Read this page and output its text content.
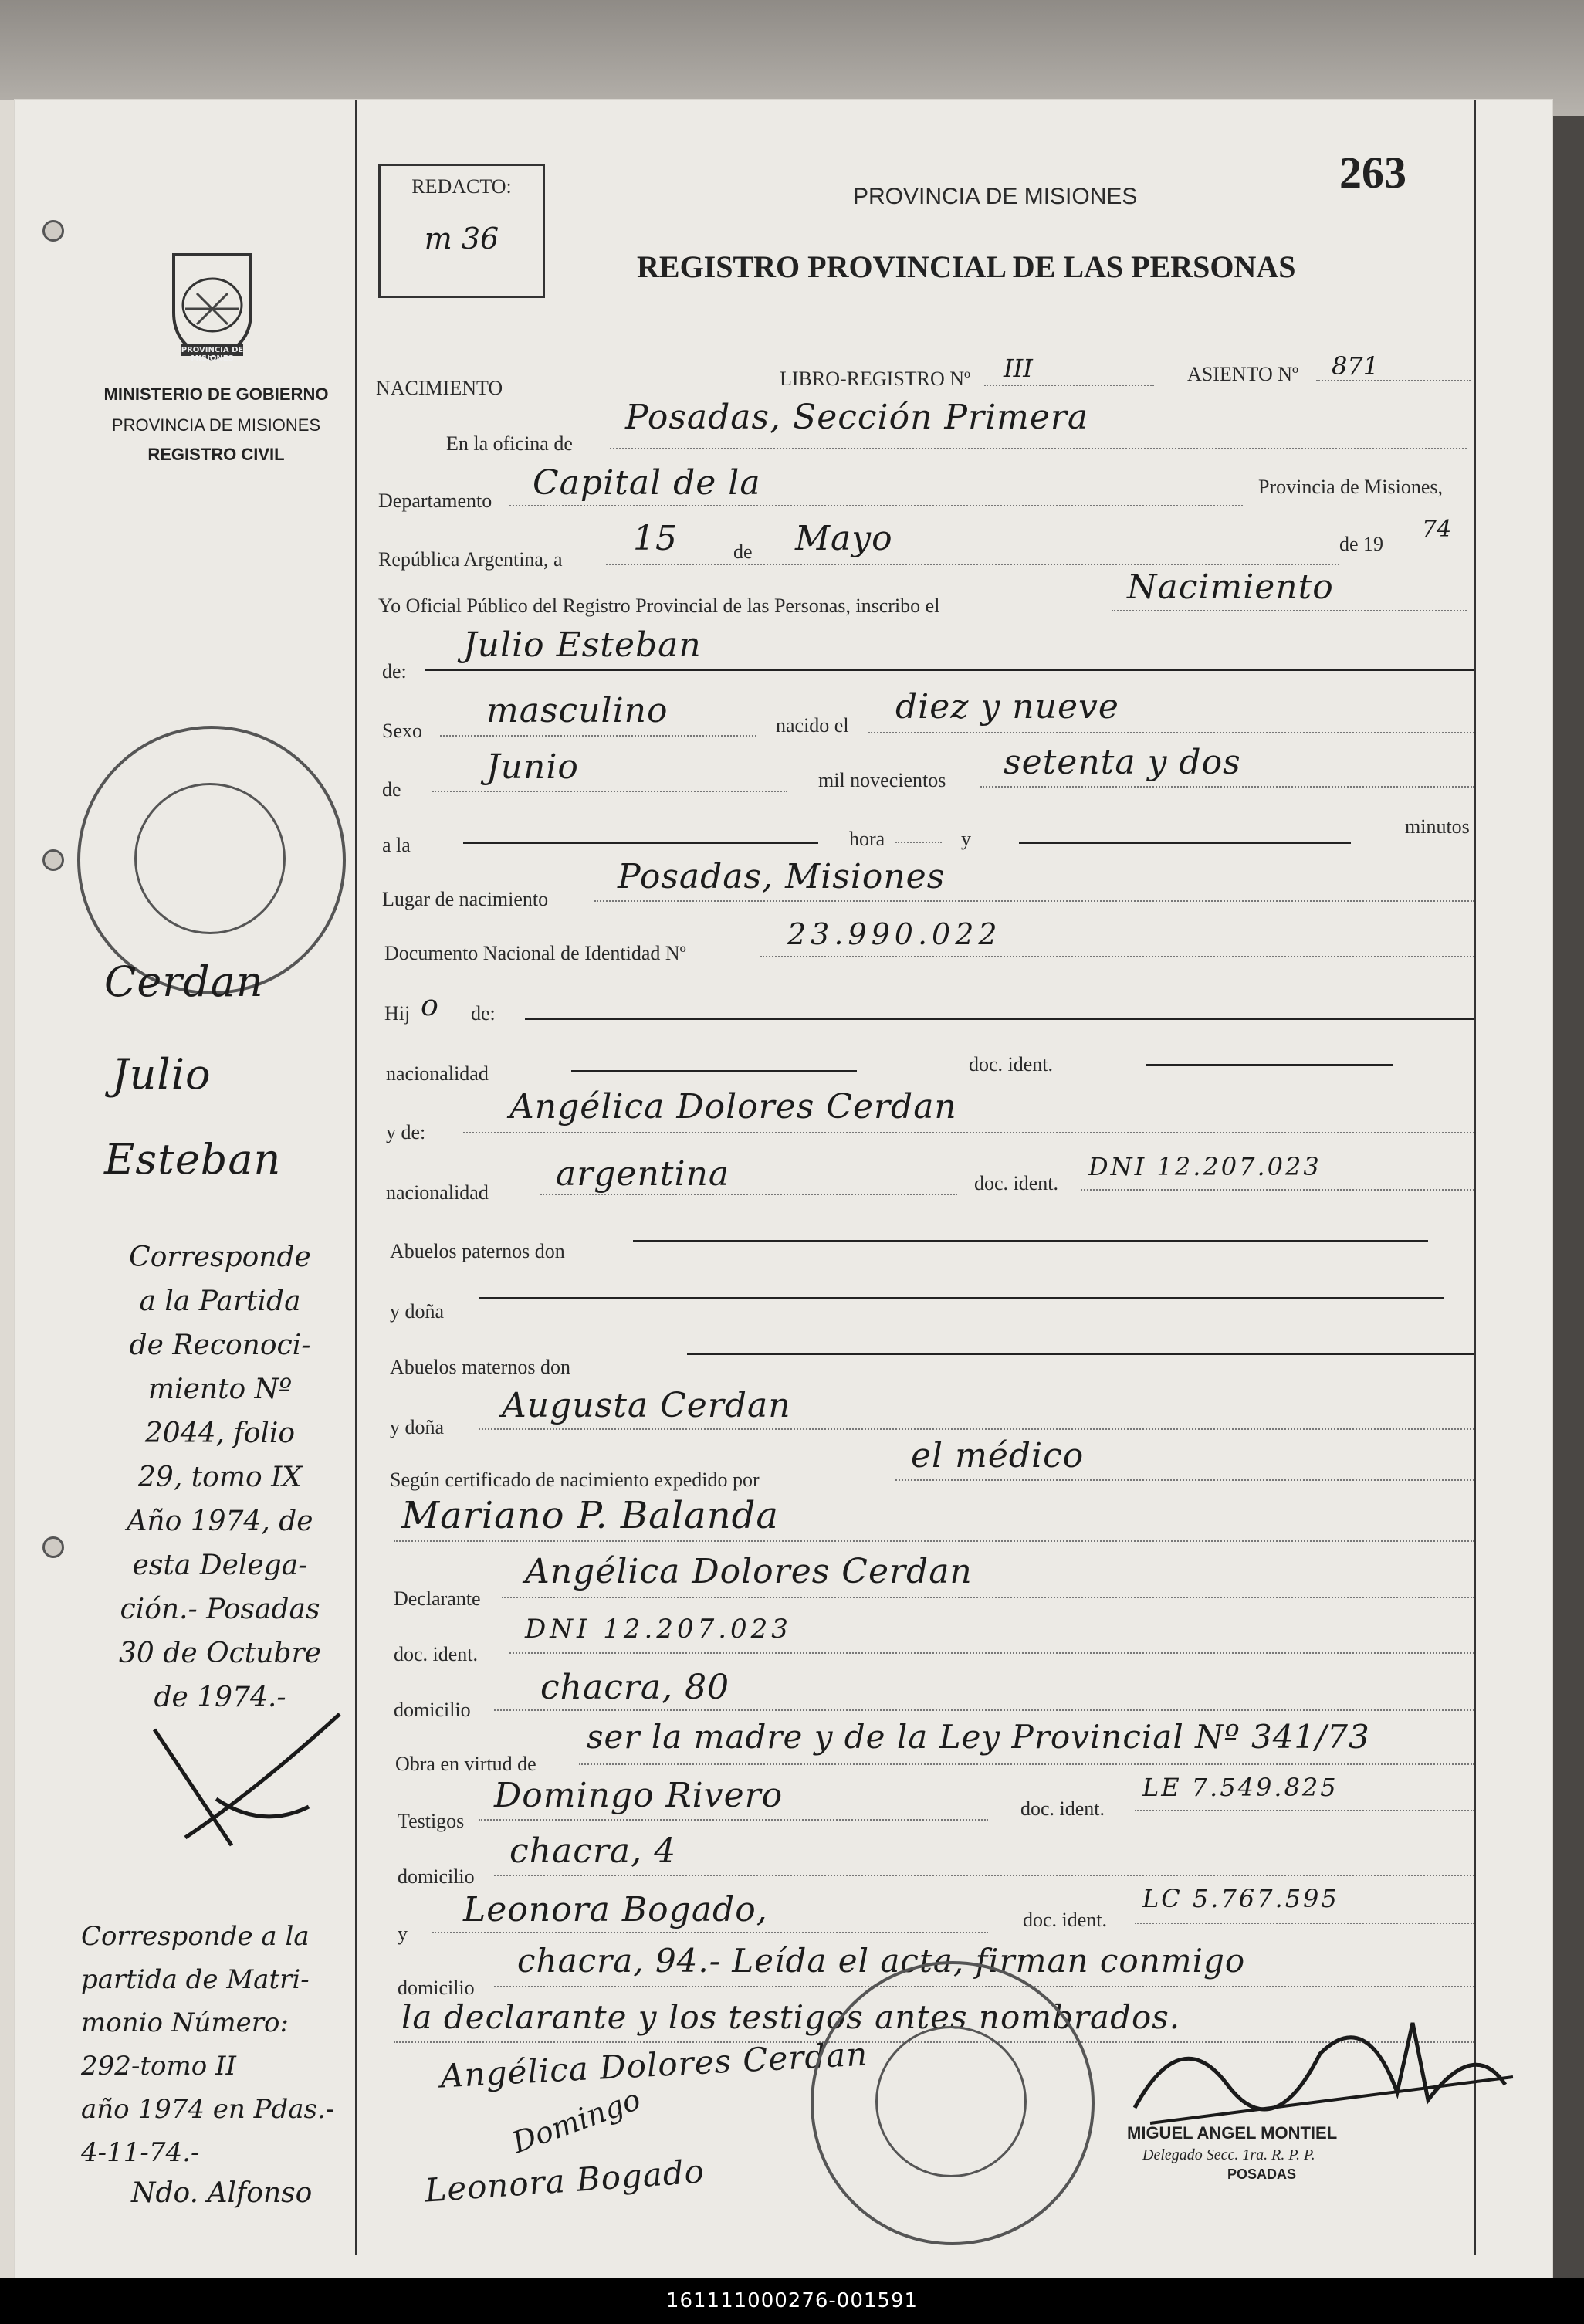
REDACTO:
m 36
263
PROVINCIA DE MISIONES
REGISTRO PROVINCIAL DE LAS PERSONAS
PROVINCIA DE MISIONES
MINISTERIO DE GOBIERNO
PROVINCIA DE MISIONES
REGISTRO CIVIL
NACIMIENTO	LIBRO-REGISTRO Nº III	ASIENTO Nº 871
En la oficina de
Posadas, Sección Primera
Departamento Capital de la	Provincia de Misiones,
República Argentina, a
15	de Mayo	de 19
74
Yo Oficial Público del Registro Provincial de las Personas, inscribo el	Nacimiento
de:
Julio Esteban
Sexo
masculino	nacido el diez y nueve
de
Junio	mil novecientos setenta y dos
a la	hora	y
minutos
Lugar de nacimiento
Posadas, Misiones
Documento Nacional de Identidad Nº
23.990.022
Hij o de:
nacionalidad	doc. ident.
y de:
Angélica Dolores Cerdan
nacionalidad argentina	doc. ident.
DNI 12.207.023
Abuelos paternos don
y doña
Abuelos maternos don
y doña
Augusta Cerdan
Según certificado de nacimiento expedido por
el médico
Mariano P. Balanda
Declarante
Angélica Dolores Cerdan
doc. ident.
DNI 12.207.023
domicilio
chacra, 80
Obra en virtud de
ser la madre y de la Ley Provincial Nº 341/73
Testigos
Domingo Rivero	doc. ident.
LE 7.549.825
domicilio
chacra, 4
y
Leonora Bogado,	doc. ident.
LC 5.767.595
domicilio
chacra, 94.- Leída el acta, firman conmigo
la declarante y los testigos antes nombrados.
Angélica Dolores Cerdan
Domingo
Leonora Bogado
MIGUEL ANGEL MONTIEL
Delegado Secc. 1ra. R. P. P.
POSADAS
Cerdan
Julio
Esteban
Corresponde
a la Partida
de Reconoci-
miento Nº
2044, folio
29, tomo IX
Año 1974, de
esta Delega-
ción.- Posadas
30 de Octubre
de 1974.-
Corresponde a la
partida de Matri-
monio Número:
292-tomo II
año 1974 en Pdas.-
4-11-74.-
Ndo. Alfonso
161111000276-001591
